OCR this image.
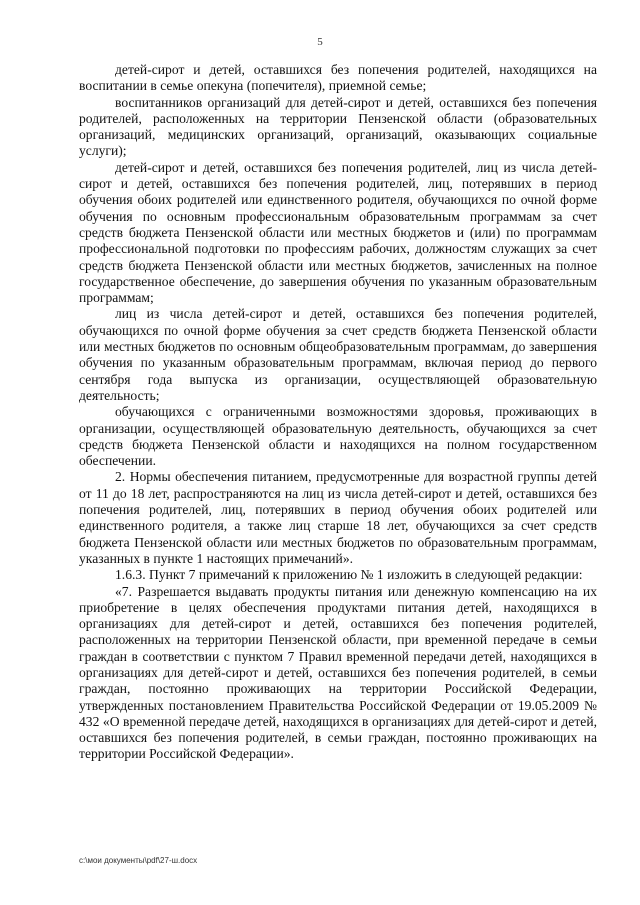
5

детей-сирот и детей, оставшихся без попечения родителей, находящихся на воспитании в семье опекуна (попечителя), приемной семье;

воспитанников организаций для детей-сирот и детей, оставшихся без попечения родителей, расположенных на территории Пензенской области (образовательных организаций, медицинских организаций, организаций, оказывающих социальные услуги);

детей-сирот и детей, оставшихся без попечения родителей, лиц из числа детей-сирот и детей, оставшихся без попечения родителей, лиц, потерявших в период обучения обоих родителей или единственного родителя, обучающихся по очной форме обучения по основным профессиональным образовательным программам за счет средств бюджета Пензенской области или местных бюджетов и (или) по программам профессиональной подготовки по профессиям рабочих, должностям служащих за счет средств бюджета Пензенской области или местных бюджетов, зачисленных на полное государственное обеспечение, до завершения обучения по указанным образовательным программам;

лиц из числа детей-сирот и детей, оставшихся без попечения родителей, обучающихся по очной форме обучения за счет средств бюджета Пензенской области или местных бюджетов по основным общеобразовательным программам, до завершения обучения по указанным образовательным программам, включая период до первого сентября года выпуска из организации, осуществляющей образовательную деятельность;

обучающихся с ограниченными возможностями здоровья, проживающих в организации, осуществляющей образовательную деятельность, обучающихся за счет средств бюджета Пензенской области и находящихся на полном государственном обеспечении.

2. Нормы обеспечения питанием, предусмотренные для возрастной группы детей от 11 до 18 лет, распространяются на лиц из числа детей-сирот и детей, оставшихся без попечения родителей, лиц, потерявших в период обучения обоих родителей или единственного родителя, а также лиц старше 18 лет, обучающихся за счет средств бюджета Пензенской области или местных бюджетов по образовательным программам, указанных в пункте 1 настоящих примечаний».

1.6.3. Пункт 7 примечаний к приложению № 1 изложить в следующей редакции:

«7. Разрешается выдавать продукты питания или денежную компенсацию на их приобретение в целях обеспечения продуктами питания детей, находящихся в организациях для детей-сирот и детей, оставшихся без попечения родителей, расположенных на территории Пензенской области, при временной передаче в семьи граждан в соответствии с пунктом 7 Правил временной передачи детей, находящихся в организациях для детей-сирот и детей, оставшихся без попечения родителей, в семьи граждан, постоянно проживающих на территории Российской Федерации, утвержденных постановлением Правительства Российской Федерации от 19.05.2009 № 432 «О временной передаче детей, находящихся в организациях для детей-сирот и детей, оставшихся без попечения родителей, в семьи граждан, постоянно проживающих на территории Российской Федерации».

c:\мои документы\pdf\27-ш.docx
